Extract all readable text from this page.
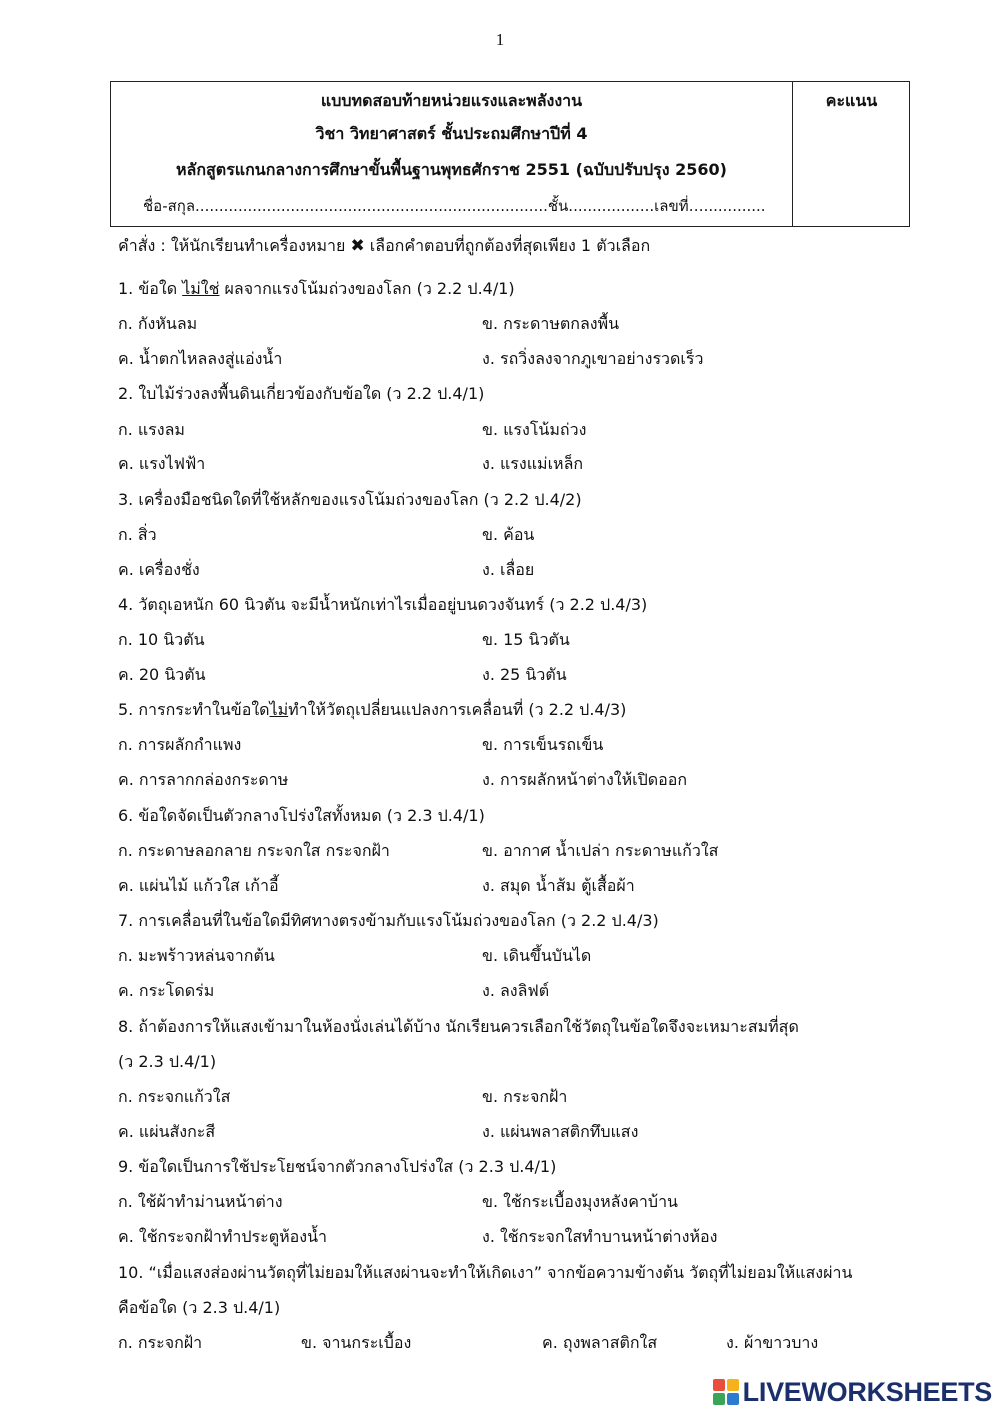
1
แบบทดสอบท้ายหน่วยแรงและพลังงาน
วิชา วิทยาศาสตร์ ชั้นประถมศึกษาปีที่ 4
หลักสูตรแกนกลางการศึกษาขั้นพื้นฐานพุทธศักราช 2551 (ฉบับปรับปรุง 2560)
ชื่อ-สกุล..........................................................................ชั้น..................เลขที่….............
คะแนน
คำสั่ง : ให้นักเรียนทำเครื่องหมาย ✖ เลือกคำตอบที่ถูกต้องที่สุดเพียง 1 ตัวเลือก
1. ข้อใด ไม่ใช่ ผลจากแรงโน้มถ่วงของโลก (ว 2.2 ป.4/1)
ก. กังหันลม	ข. กระดาษตกลงพื้น
ค. น้ำตกไหลลงสู่แอ่งน้ำ	ง. รถวิ่งลงจากภูเขาอย่างรวดเร็ว
2. ใบไม้ร่วงลงพื้นดินเกี่ยวข้องกับข้อใด (ว 2.2 ป.4/1)
ก. แรงลม	ข. แรงโน้มถ่วง
ค. แรงไฟฟ้า	ง. แรงแม่เหล็ก
3. เครื่องมือชนิดใดที่ใช้หลักของแรงโน้มถ่วงของโลก (ว 2.2 ป.4/2)
ก. สิ่ว	ข. ค้อน
ค. เครื่องชั่ง	ง. เลื่อย
4. วัตถุเอหนัก 60 นิวตัน จะมีน้ำหนักเท่าไรเมื่ออยู่บนดวงจันทร์ (ว 2.2 ป.4/3)
ก. 10 นิวตัน	ข. 15 นิวตัน
ค. 20 นิวตัน	ง. 25 นิวตัน
5. การกระทำในข้อใดไม่ทำให้วัตถุเปลี่ยนแปลงการเคลื่อนที่ (ว 2.2 ป.4/3)
ก. การผลักกำแพง	ข. การเข็นรถเข็น
ค. การลากกล่องกระดาษ	ง. การผลักหน้าต่างให้เปิดออก
6. ข้อใดจัดเป็นตัวกลางโปร่งใสทั้งหมด (ว 2.3 ป.4/1)
ก. กระดาษลอกลาย กระจกใส กระจกฝ้า	ข. อากาศ น้ำเปล่า กระดาษแก้วใส
ค. แผ่นไม้ แก้วใส เก้าอี้	ง. สมุด น้ำส้ม ตู้เสื้อผ้า
7. การเคลื่อนที่ในข้อใดมีทิศทางตรงข้ามกับแรงโน้มถ่วงของโลก (ว 2.2 ป.4/3)
ก. มะพร้าวหล่นจากต้น	ข. เดินขึ้นบันได
ค. กระโดดร่ม	ง. ลงลิฟต์
8. ถ้าต้องการให้แสงเข้ามาในห้องนั่งเล่นได้บ้าง นักเรียนควรเลือกใช้วัตถุในข้อใดจึงจะเหมาะสมที่สุด
(ว 2.3 ป.4/1)
ก. กระจกแก้วใส	ข. กระจกฝ้า
ค. แผ่นสังกะสี	ง. แผ่นพลาสติกทึบแสง
9. ข้อใดเป็นการใช้ประโยชน์จากตัวกลางโปร่งใส (ว 2.3 ป.4/1)
ก. ใช้ผ้าทำม่านหน้าต่าง	ข. ใช้กระเบื้องมุงหลังคาบ้าน
ค. ใช้กระจกฝ้าทำประตูห้องน้ำ	ง. ใช้กระจกใสทำบานหน้าต่างห้อง
10. “เมื่อแสงส่องผ่านวัตถุที่ไม่ยอมให้แสงผ่านจะทำให้เกิดเงา” จากข้อความข้างต้น วัตถุที่ไม่ยอมให้แสงผ่าน
คือข้อใด (ว 2.3 ป.4/1)
ก. กระจกฝ้า	ข. จานกระเบื้อง	ค. ถุงพลาสติกใส	ง. ผ้าขาวบาง
LIVEWORKSHEETS
